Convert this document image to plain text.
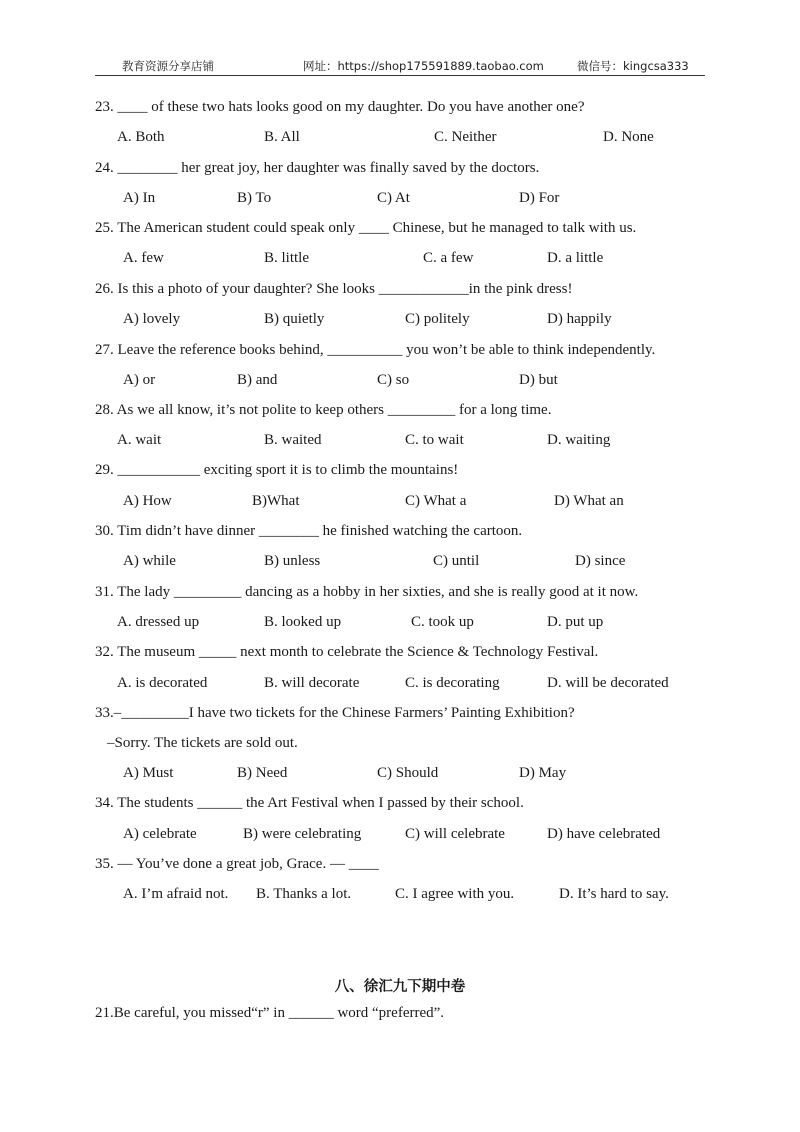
教育资源分享店铺	网址：https://shop175591889.taobao.com	微信号：kingcsa333
23. ____ of these two hats looks good on my daughter. Do you have another one?
A. Both	B. All	C. Neither	D. None
24. ________ her great joy, her daughter was finally saved by the doctors.
A) In	B) To	C) At	D) For
25. The American student could speak only ____ Chinese, but he managed to talk with us.
A. few	B. little	C. a few	D. a little
26. Is this a photo of your daughter? She looks ____________in the pink dress!
A) lovely	B) quietly	C) politely	D) happily
27. Leave the reference books behind, __________ you won’t be able to think independently.
A) or	B) and	C) so	D) but
28. As we all know, it’s not polite to keep others _________ for a long time.
A. wait	B. waited	C. to wait	D. waiting
29. ___________ exciting sport it is to climb the mountains!
A) How	B)What	C) What a	D) What an
30. Tim didn’t have dinner ________ he finished watching the cartoon.
A) while	B) unless	C) until	D) since
31. The lady _________ dancing as a hobby in her sixties, and she is really good at it now.
A. dressed up	B. looked up	C. took up	D. put up
32. The museum _____ next month to celebrate the Science & Technology Festival.
A. is decorated	B. will decorate	C. is decorating	D. will be decorated
33.–_________I have two tickets for the Chinese Farmers’ Painting Exhibition?
–Sorry. The tickets are sold out.
A) Must	B) Need	C) Should	D) May
34. The students ______ the Art Festival when I passed by their school.
A) celebrate	B) were celebrating	C) will celebrate	D) have celebrated
35. — You’ve done a great job, Grace. — ____
A. I’m afraid not. B. Thanks a lot.	C. I agree with you.	D. It’s hard to say.
八、徐汇九下期中卷
21.Be careful, you missed“r” in ______ word “preferred”.
